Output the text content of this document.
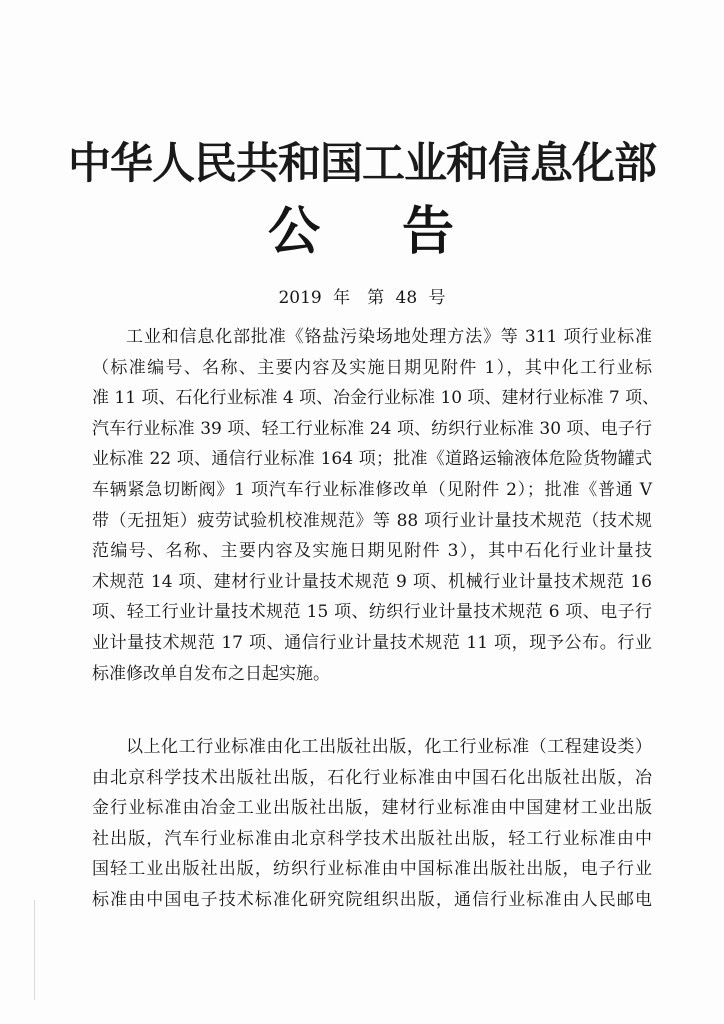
中华人民共和国工业和信息化部
公 告
2019 年　第 48 号
工业和信息化部批准《铬盐污染场地处理方法》等 311 项行业标准
（标准编号、名称、主要内容及实施日期见附件 1），其中化工行业标
准 11 项、石化行业标准 4 项、冶金行业标准 10 项、建材行业标准 7 项、
汽车行业标准 39 项、轻工行业标准 24 项、纺织行业标准 30 项、电子行
业标准 22 项、通信行业标准 164 项；批准《道路运输液体危险货物罐式
车辆紧急切断阀》1 项汽车行业标准修改单（见附件 2）；批准《普通 V
带（无扭矩）疲劳试验机校准规范》等 88 项行业计量技术规范（技术规
范编号、名称、主要内容及实施日期见附件 3），其中石化行业计量技
术规范 14 项、建材行业计量技术规范 9 项、机械行业计量技术规范 16
项、轻工行业计量技术规范 15 项、纺织行业计量技术规范 6 项、电子行
业计量技术规范 17 项、通信行业计量技术规范 11 项，现予公布。行业
标准修改单自发布之日起实施。
以上化工行业标准由化工出版社出版，化工行业标准（工程建设类）
由北京科学技术出版社出版，石化行业标准由中国石化出版社出版，冶
金行业标准由冶金工业出版社出版，建材行业标准由中国建材工业出版
社出版，汽车行业标准由北京科学技术出版社出版，轻工行业标准由中
国轻工业出版社出版，纺织行业标准由中国标准出版社出版，电子行业
标准由中国电子技术标准化研究院组织出版，通信行业标准由人民邮电
